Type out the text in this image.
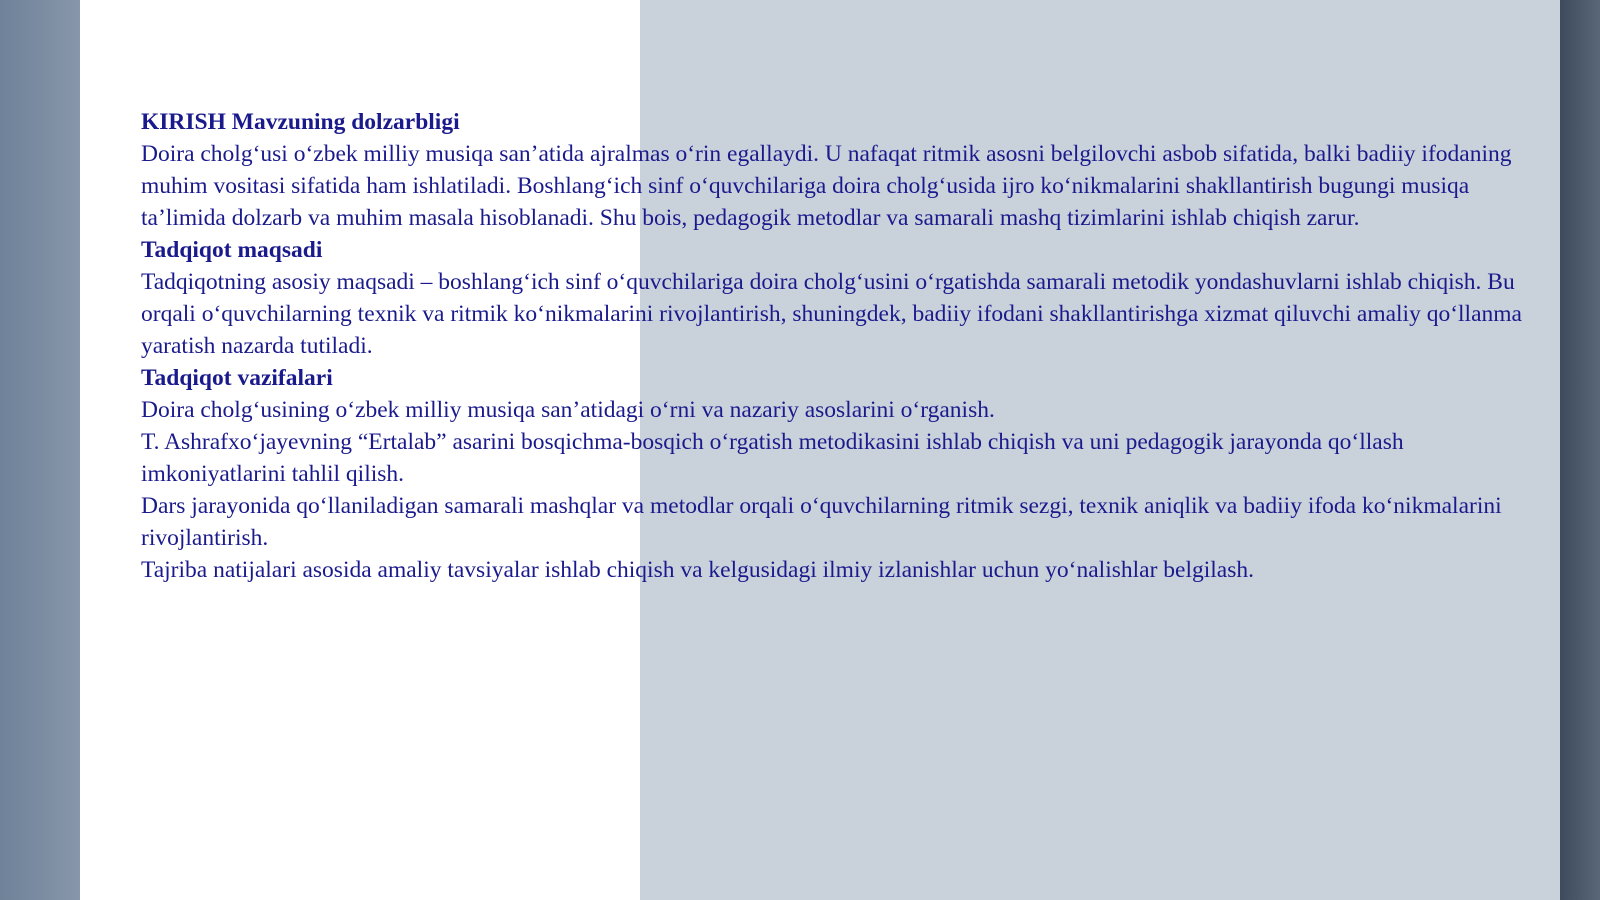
KIRISH Mavzuning dolzarbligi

Doira cholg‘usi o‘zbek milliy musiqa san’atida ajralmas o‘rin egallaydi. U nafaqat ritmik asosni belgilovchi asbob sifatida, balki badiiy ifodaning muhim vositasi sifatida ham ishlatiladi. Boshlang‘ich sinf o‘quvchilariga doira cholg‘usida ijro ko‘nikmalarini shakllantirish bugungi musiqa ta’limida dolzarb va muhim masala hisoblanadi. Shu bois, pedagogik metodlar va samarali mashq tizimlarini ishlab chiqish zarur.

Tadqiqot maqsadi

Tadqiqotning asosiy maqsadi – boshlang‘ich sinf o‘quvchilariga doira cholg‘usini o‘rgatishda samarali metodik yondashuvlarni ishlab chiqish. Bu orqali o‘quvchilarning texnik va ritmik ko‘nikmalarini rivojlantirish, shuningdek, badiiy ifodani shakllantirishga xizmat qiluvchi amaliy qo‘llanma yaratish nazarda tutiladi.

Tadqiqot vazifalari

Doira cholg‘usining o‘zbek milliy musiqa san’atidagi o‘rni va nazariy asoslarini o‘rganish.

T. Ashrafxo‘jayevning “Ertalab” asarini bosqichma-bosqich o‘rgatish metodikasini ishlab chiqish va uni pedagogik jarayonda qo‘llash imkoniyatlarini tahlil qilish.

Dars jarayonida qo‘llaniladigan samarali mashqlar va metodlar orqali o‘quvchilarning ritmik sezgi, texnik aniqlik va badiiy ifoda ko‘nikmalarini rivojlantirish.

Tajriba natijalari asosida amaliy tavsiyalar ishlab chiqish va kelgusidagi ilmiy izlanishlar uchun yo‘nalishlar belgilash.
